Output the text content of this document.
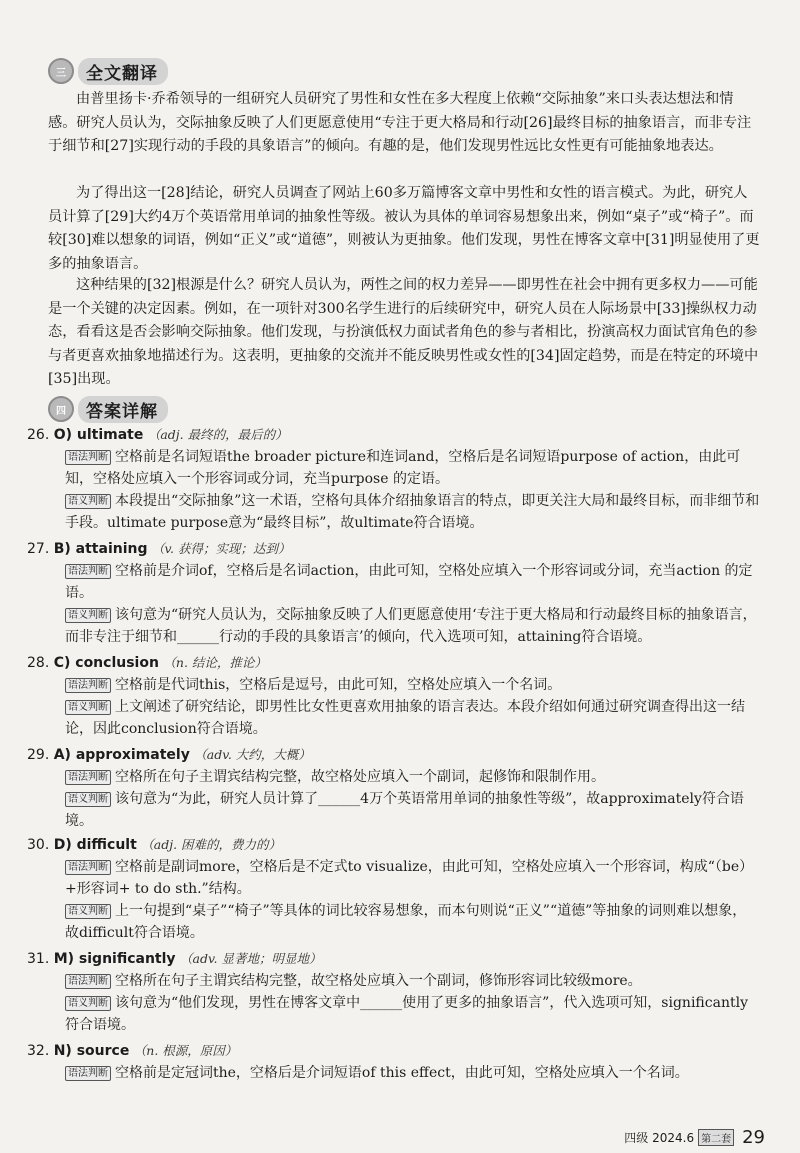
三	全文翻译

由普里扬卡·乔希领导的一组研究人员研究了男性和女性在多大程度上依赖“交际抽象”来口头表达想法和情感。研究人员认为，交际抽象反映了人们更愿意使用“专注于更大格局和行动[26]最终目标的抽象语言，而非专注于细节和[27]实现行动的手段的具象语言”的倾向。有趣的是，他们发现男性远比女性更有可能抽象地表达。

为了得出这一[28]结论，研究人员调查了网站上60多万篇博客文章中男性和女性的语言模式。为此，研究人员计算了[29]大约4万个英语常用单词的抽象性等级。被认为具体的单词容易想象出来，例如“桌子”或“椅子”。而较[30]难以想象的词语，例如“正义”或“道德”，则被认为更抽象。他们发现，男性在博客文章中[31]明显使用了更多的抽象语言。

这种结果的[32]根源是什么？研究人员认为，两性之间的权力差异——即男性在社会中拥有更多权力——可能是一个关键的决定因素。例如，在一项针对300名学生进行的后续研究中，研究人员在人际场景中[33]操纵权力动态，看看这是否会影响交际抽象。他们发现，与扮演低权力面试者角色的参与者相比，扮演高权力面试官角色的参与者更喜欢抽象地描述行为。这表明，更抽象的交流并不能反映男性或女性的[34]固定趋势，而是在特定的环境中[35]出现。

四	答案详解
26. O) ultimate （adj. 最终的，最后的）
语法判断 空格前是名词短语the broader picture和连词and，空格后是名词短语purpose of action，由此可知，空格处应填入一个形容词或分词，充当purpose 的定语。
语义判断 本段提出“交际抽象”这一术语，空格句具体介绍抽象语言的特点，即更关注大局和最终目标，而非细节和手段。ultimate purpose意为“最终目标”，故ultimate符合语境。
27. B) attaining （v. 获得；实现；达到）
语法判断 空格前是介词of，空格后是名词action，由此可知，空格处应填入一个形容词或分词，充当action 的定语。
语义判断 该句意为“研究人员认为，交际抽象反映了人们更愿意使用‘专注于更大格局和行动最终目标的抽象语言，而非专注于细节和______行动的手段的具象语言’的倾向，代入选项可知，attaining符合语境。
28. C) conclusion （n. 结论，推论）
语法判断 空格前是代词this，空格后是逗号，由此可知，空格处应填入一个名词。
语义判断 上文阐述了研究结论，即男性比女性更喜欢用抽象的语言表达。本段介绍如何通过研究调查得出这一结论，因此conclusion符合语境。
29. A) approximately （adv. 大约，大概）
语法判断 空格所在句子主谓宾结构完整，故空格处应填入一个副词，起修饰和限制作用。
语义判断 该句意为“为此，研究人员计算了______4万个英语常用单词的抽象性等级”，故approximately符合语境。
30. D) difficult （adj. 困难的，费力的）
语法判断 空格前是副词more，空格后是不定式to visualize，由此可知，空格处应填入一个形容词，构成“（be）+形容词+ to do sth.”结构。
语义判断 上一句提到“桌子”“椅子”等具体的词比较容易想象，而本句则说“正义”“道德”等抽象的词则难以想象，故difficult符合语境。
31. M) significantly （adv. 显著地；明显地）
语法判断 空格所在句子主谓宾结构完整，故空格处应填入一个副词，修饰形容词比较级more。
语义判断 该句意为“他们发现，男性在博客文章中______使用了更多的抽象语言”，代入选项可知，significantly符合语境。
32. N) source （n. 根源，原因）
语法判断 空格前是定冠词the，空格后是介词短语of this effect，由此可知，空格处应填入一个名词。
四级 2024.6 第二套 29
